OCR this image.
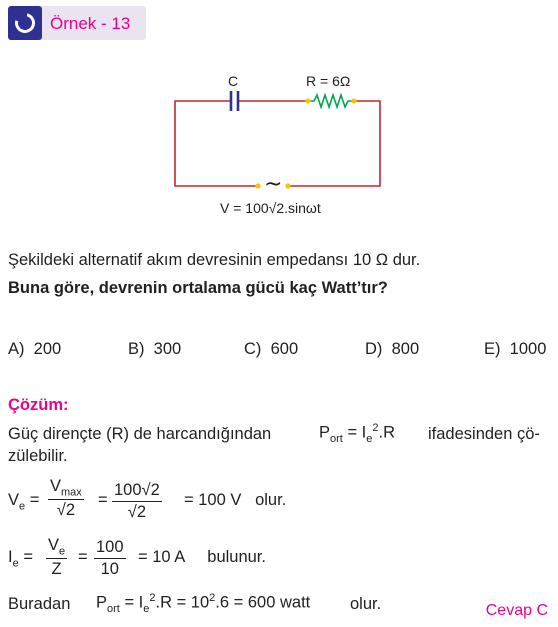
Örnek - 13
~
C	R = 6Ω
V = 100√2.sinωt
Şekildeki alternatif akım devresinin empedansı 10 Ω dur.
Buna göre, devrenin ortalama gücü kaç Watt’tır?
A) 200	B) 300	C) 600	D) 800	E) 1000
Çözüm:
Güç dirençte (R) de harcandığından	$P_{ort} = I_e^2.R$ ifadesinden çö-
zülebilir.
$V_e$ =
$V_{max}$
√2
= $\frac{100√2}{√2} = 100$ V   olur.
$I_e = \frac{V_e}{Z} = \frac{100}{10} = 10$ A     bulunur.
Buradan $P_{ort} = I_e^2.R = 10^2.6 = 600$ watt olur.	Cevap C
